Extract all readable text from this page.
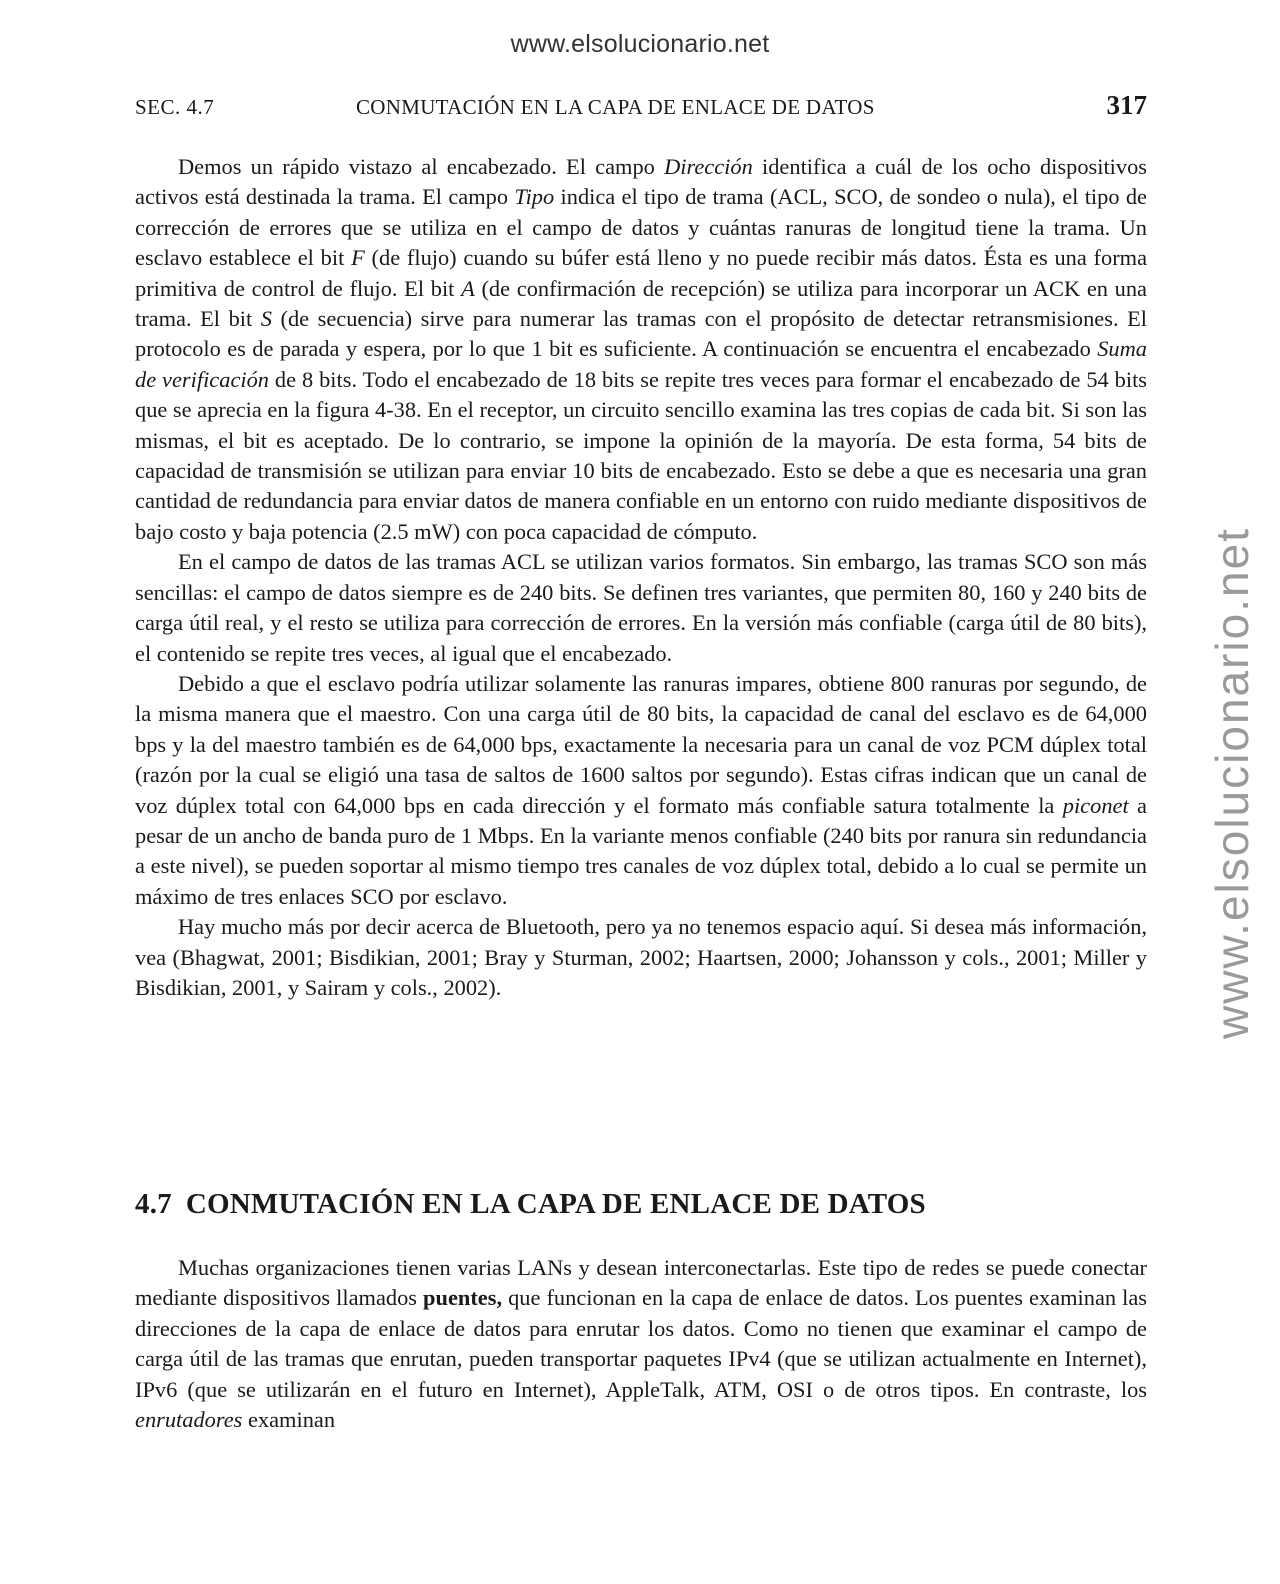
www.elsolucionario.net
www.elsolucionario.net
SEC. 4.7	CONMUTACIÓN EN LA CAPA DE ENLACE DE DATOS	317

Demos un rápido vistazo al encabezado. El campo Dirección identifica a cuál de los ocho dispositivos activos está destinada la trama. El campo Tipo indica el tipo de trama (ACL, SCO, de sondeo o nula), el tipo de corrección de errores que se utiliza en el campo de datos y cuántas ranuras de longitud tiene la trama. Un esclavo establece el bit F (de flujo) cuando su búfer está lleno y no puede recibir más datos. Ésta es una forma primitiva de control de flujo. El bit A (de confirmación de recepción) se utiliza para incorporar un ACK en una trama. El bit S (de secuencia) sirve para numerar las tramas con el propósito de detectar retransmisiones. El protocolo es de parada y espera, por lo que 1 bit es suficiente. A continuación se encuentra el encabezado Suma de verificación de 8 bits. Todo el encabezado de 18 bits se repite tres veces para formar el encabezado de 54 bits que se aprecia en la figura 4-38. En el receptor, un circuito sencillo examina las tres copias de cada bit. Si son las mismas, el bit es aceptado. De lo contrario, se impone la opinión de la mayoría. De esta forma, 54 bits de capacidad de transmisión se utilizan para enviar 10 bits de encabezado. Esto se debe a que es necesaria una gran cantidad de redundancia para enviar datos de manera confiable en un entorno con ruido mediante dispositivos de bajo costo y baja potencia (2.5 mW) con poca capacidad de cómputo.

En el campo de datos de las tramas ACL se utilizan varios formatos. Sin embargo, las tramas SCO son más sencillas: el campo de datos siempre es de 240 bits. Se definen tres variantes, que permiten 80, 160 y 240 bits de carga útil real, y el resto se utiliza para corrección de errores. En la versión más confiable (carga útil de 80 bits), el contenido se repite tres veces, al igual que el encabezado.

Debido a que el esclavo podría utilizar solamente las ranuras impares, obtiene 800 ranuras por segundo, de la misma manera que el maestro. Con una carga útil de 80 bits, la capacidad de canal del esclavo es de 64,000 bps y la del maestro también es de 64,000 bps, exactamente la necesaria para un canal de voz PCM dúplex total (razón por la cual se eligió una tasa de saltos de 1600 saltos por segundo). Estas cifras indican que un canal de voz dúplex total con 64,000 bps en cada dirección y el formato más confiable satura totalmente la piconet a pesar de un ancho de banda puro de 1 Mbps. En la variante menos confiable (240 bits por ranura sin redundancia a este nivel), se pueden soportar al mismo tiempo tres canales de voz dúplex total, debido a lo cual se permite un máximo de tres enlaces SCO por esclavo.

Hay mucho más por decir acerca de Bluetooth, pero ya no tenemos espacio aquí. Si desea más información, vea (Bhagwat, 2001; Bisdikian, 2001; Bray y Sturman, 2002; Haartsen, 2000; Johansson y cols., 2001; Miller y Bisdikian, 2001, y Sairam y cols., 2002).

4.7 CONMUTACIÓN EN LA CAPA DE ENLACE DE DATOS

Muchas organizaciones tienen varias LANs y desean interconectarlas. Este tipo de redes se puede conectar mediante dispositivos llamados puentes, que funcionan en la capa de enlace de datos. Los puentes examinan las direcciones de la capa de enlace de datos para enrutar los datos. Como no tienen que examinar el campo de carga útil de las tramas que enrutan, pueden transportar paquetes IPv4 (que se utilizan actualmente en Internet), IPv6 (que se utilizarán en el futuro en Internet), AppleTalk, ATM, OSI o de otros tipos. En contraste, los enrutadores examinan
